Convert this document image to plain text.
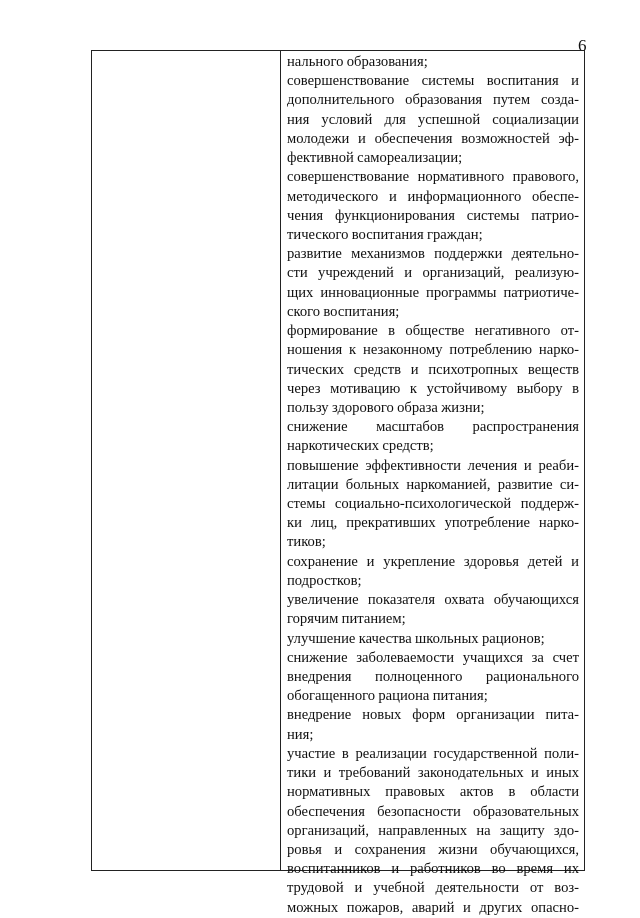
6
нального образования;
совершенствование системы воспитания и
дополнительного образования путем созда-
ния условий для успешной социализации
молодежи и обеспечения возможностей эф-
фективной самореализации;
совершенствование нормативного правового,
методического и информационного обеспе-
чения функционирования системы патрио-
тического воспитания граждан;
развитие механизмов поддержки деятельно-
сти учреждений и организаций, реализую-
щих инновационные программы патриотиче-
ского воспитания;
формирование в обществе негативного от-
ношения к незаконному потреблению нарко-
тических средств и психотропных веществ
через мотивацию к устойчивому выбору в
пользу здорового образа жизни;
снижение масштабов распространения
наркотических средств;
повышение эффективности лечения и реаби-
литации больных наркоманией, развитие си-
стемы социально-психологической поддерж-
ки лиц, прекративших употребление нарко-
тиков;
сохранение и укрепление здоровья детей и
подростков;
увеличение показателя охвата обучающихся
горячим питанием;
улучшение качества школьных рационов;
снижение заболеваемости учащихся за счет
внедрения полноценного рационального
обогащенного рациона питания;
внедрение новых форм организации пита-
ния;
участие в реализации государственной поли-
тики и требований законодательных и иных
нормативных правовых актов в области
обеспечения безопасности образовательных
организаций, направленных на защиту здо-
ровья и сохранения жизни обучающихся,
воспитанников и работников во время их
трудовой и учебной деятельности от воз-
можных пожаров, аварий и других опасно-
